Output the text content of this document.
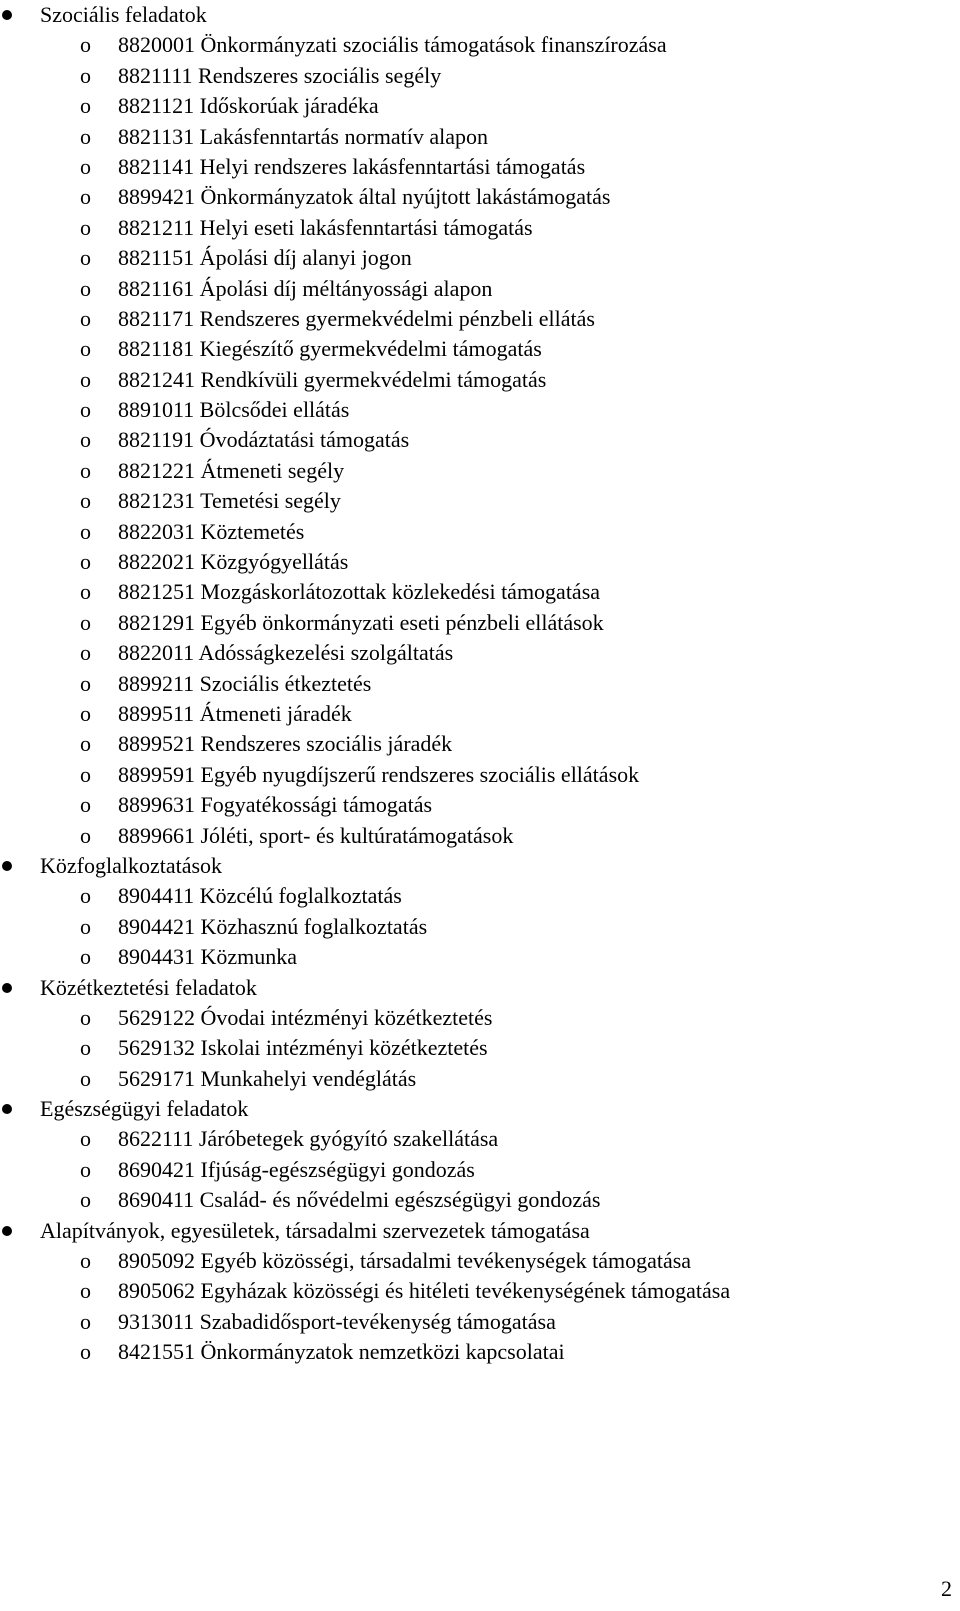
Szociális feladatok
o 8820001 Önkormányzati szociális támogatások finanszírozása
o 8821111 Rendszeres szociális segély
o 8821121 Időskorúak járadéka
o 8821131 Lakásfenntartás normatív alapon
o 8821141 Helyi rendszeres lakásfenntartási támogatás
o 8899421 Önkormányzatok által nyújtott lakástámogatás
o 8821211 Helyi eseti lakásfenntartási támogatás
o 8821151 Ápolási díj alanyi jogon
o 8821161 Ápolási díj méltányossági alapon
o 8821171 Rendszeres gyermekvédelmi pénzbeli ellátás
o 8821181 Kiegészítő gyermekvédelmi támogatás
o 8821241 Rendkívüli gyermekvédelmi támogatás
o 8891011 Bölcsődei ellátás
o 8821191 Óvodáztatási támogatás
o 8821221 Átmeneti segély
o 8821231 Temetési segély
o 8822031 Köztemetés
o 8822021 Közgyógyellátás
o 8821251 Mozgáskorlátozottak közlekedési támogatása
o 8821291 Egyéb önkormányzati eseti pénzbeli ellátások
o 8822011 Adósságkezelési szolgáltatás
o 8899211 Szociális étkeztetés
o 8899511 Átmeneti járadék
o 8899521 Rendszeres szociális járadék
o 8899591 Egyéb nyugdíjszerű rendszeres szociális ellátások
o 8899631 Fogyatékossági támogatás
o 8899661 Jóléti, sport- és kultúratámogatások
Közfoglalkoztatások
o 8904411 Közcélú foglalkoztatás
o 8904421 Közhasznú foglalkoztatás
o 8904431 Közmunka
Közétkeztetési feladatok
o 5629122 Óvodai intézményi közétkeztetés
o 5629132 Iskolai intézményi közétkeztetés
o 5629171 Munkahelyi vendéglátás
Egészségügyi feladatok
o 8622111 Járóbetegek gyógyító szakellátása
o 8690421 Ifjúság-egészségügyi gondozás
o 8690411 Család- és nővédelmi egészségügyi gondozás
Alapítványok, egyesületek, társadalmi szervezetek támogatása
o 8905092 Egyéb közösségi, társadalmi tevékenységek támogatása
o 8905062 Egyházak közösségi és hitéleti tevékenységének támogatása
o 9313011 Szabadidősport-tevékenység támogatása
o 8421551 Önkormányzatok nemzetközi kapcsolatai
2
